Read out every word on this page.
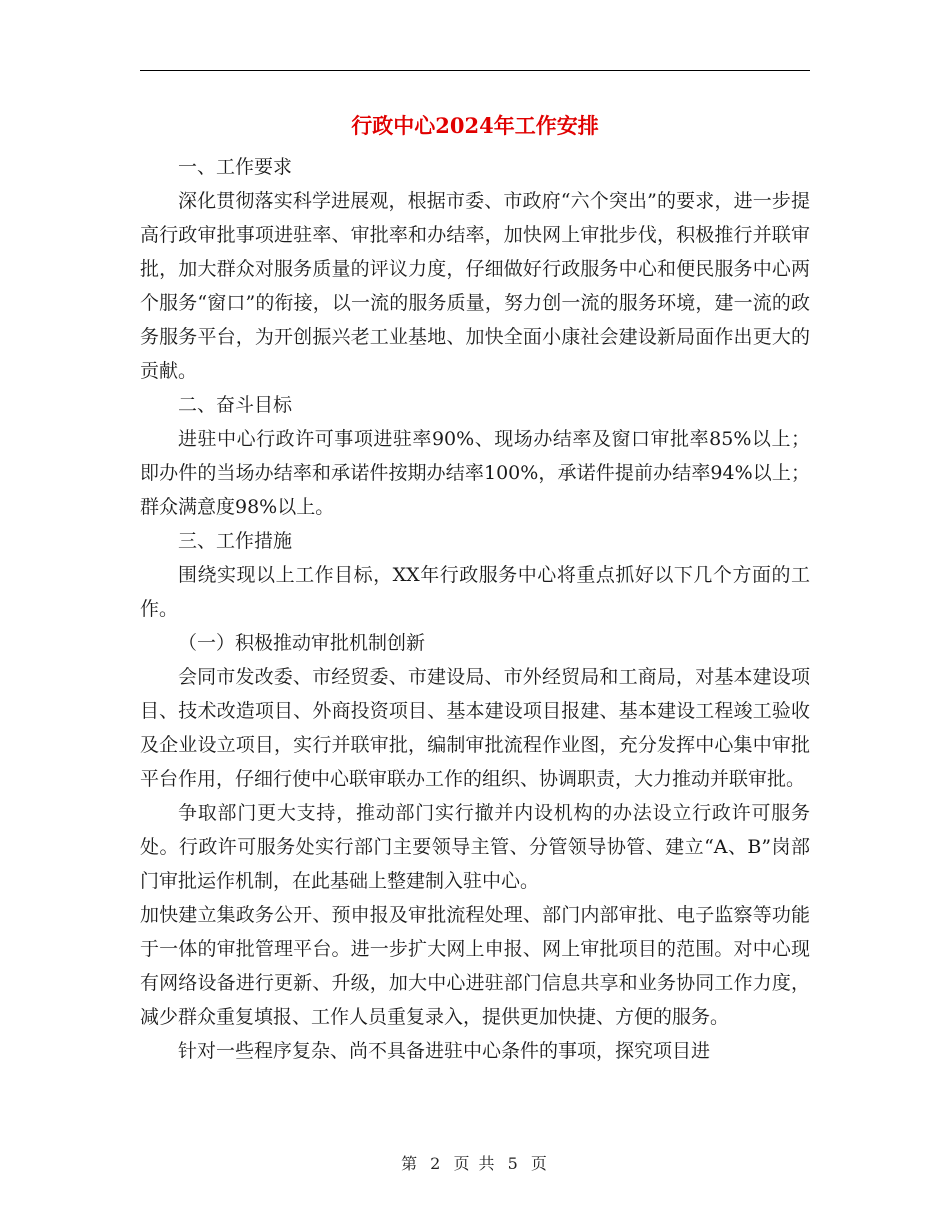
行政中心2024年工作安排

一、工作要求

深化贯彻落实科学进展观，根据市委、市政府“六个突出”的要求，进一步提高行政审批事项进驻率、审批率和办结率，加快网上审批步伐，积极推行并联审批，加大群众对服务质量的评议力度，仔细做好行政服务中心和便民服务中心两个服务“窗口”的衔接，以一流的服务质量，努力创一流的服务环境，建一流的政务服务平台，为开创振兴老工业基地、加快全面小康社会建设新局面作出更大的贡献。

二、奋斗目标

进驻中心行政许可事项进驻率90%、现场办结率及窗口审批率85%以上；即办件的当场办结率和承诺件按期办结率100%，承诺件提前办结率94%以上；群众满意度98%以上。

三、工作措施

围绕实现以上工作目标，XX年行政服务中心将重点抓好以下几个方面的工作。

（一）积极推动审批机制创新

会同市发改委、市经贸委、市建设局、市外经贸局和工商局，对基本建设项目、技术改造项目、外商投资项目、基本建设项目报建、基本建设工程竣工验收及企业设立项目，实行并联审批，编制审批流程作业图，充分发挥中心集中审批平台作用，仔细行使中心联审联办工作的组织、协调职责，大力推动并联审批。

争取部门更大支持，推动部门实行撤并内设机构的办法设立行政许可服务处。行政许可服务处实行部门主要领导主管、分管领导协管、建立“A、B”岗部门审批运作机制，在此基础上整建制入驻中心。

加快建立集政务公开、预申报及审批流程处理、部门内部审批、电子监察等功能于一体的审批管理平台。进一步扩大网上申报、网上审批项目的范围。对中心现有网络设备进行更新、升级，加大中心进驻部门信息共享和业务协同工作力度，减少群众重复填报、工作人员重复录入，提供更加快捷、方便的服务。

针对一些程序复杂、尚不具备进驻中心条件的事项，探究项目进

第 2 页 共 5 页
